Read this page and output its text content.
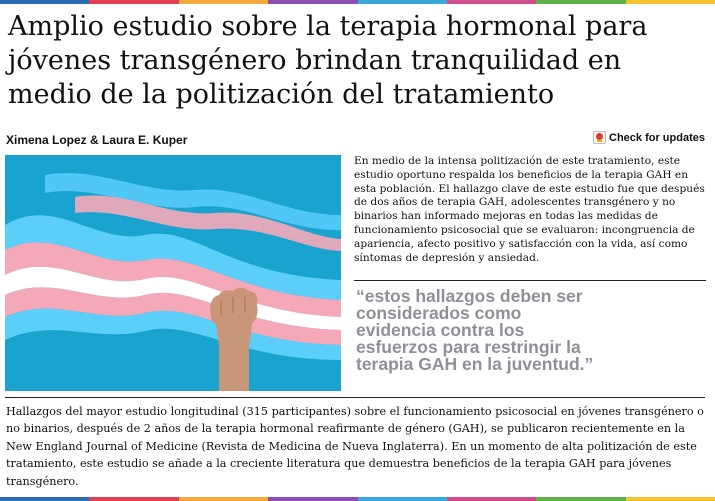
Amplio estudio sobre la terapia hormonal para jóvenes transgénero brindan tranquilidad en medio de la politización del tratamiento
Ximena Lopez & Laura E. Kuper	Check for updates

En medio de la intensa politización de este tratamiento, este estudio oportuno respalda los beneficios de la terapia GAH en esta población. El hallazgo clave de este estudio fue que después de dos años de terapia GAH, adolescentes transgénero y no binarios han informado mejoras en todas las medidas de funcionamiento psicosocial que se evaluaron: incongruencia de apariencia, afecto positivo y satisfacción con la vida, así como síntomas de depresión y ansiedad.

“estos hallazgos deben ser considerados como evidencia contra los esfuerzos para restringir la terapia GAH en la juventud.”

Hallazgos del mayor estudio longitudinal (315 participantes) sobre el funcionamiento psicosocial en jóvenes transgénero o no binarios, después de 2 años de la terapia hormonal reafirmante de género (GAH), se publicaron recientemente en la New England Journal of Medicine (Revista de Medicina de Nueva Inglaterra). En un momento de alta politización de este tratamiento, este estudio se añade a la creciente literatura que demuestra beneficios de la terapia GAH para jóvenes transgénero.
